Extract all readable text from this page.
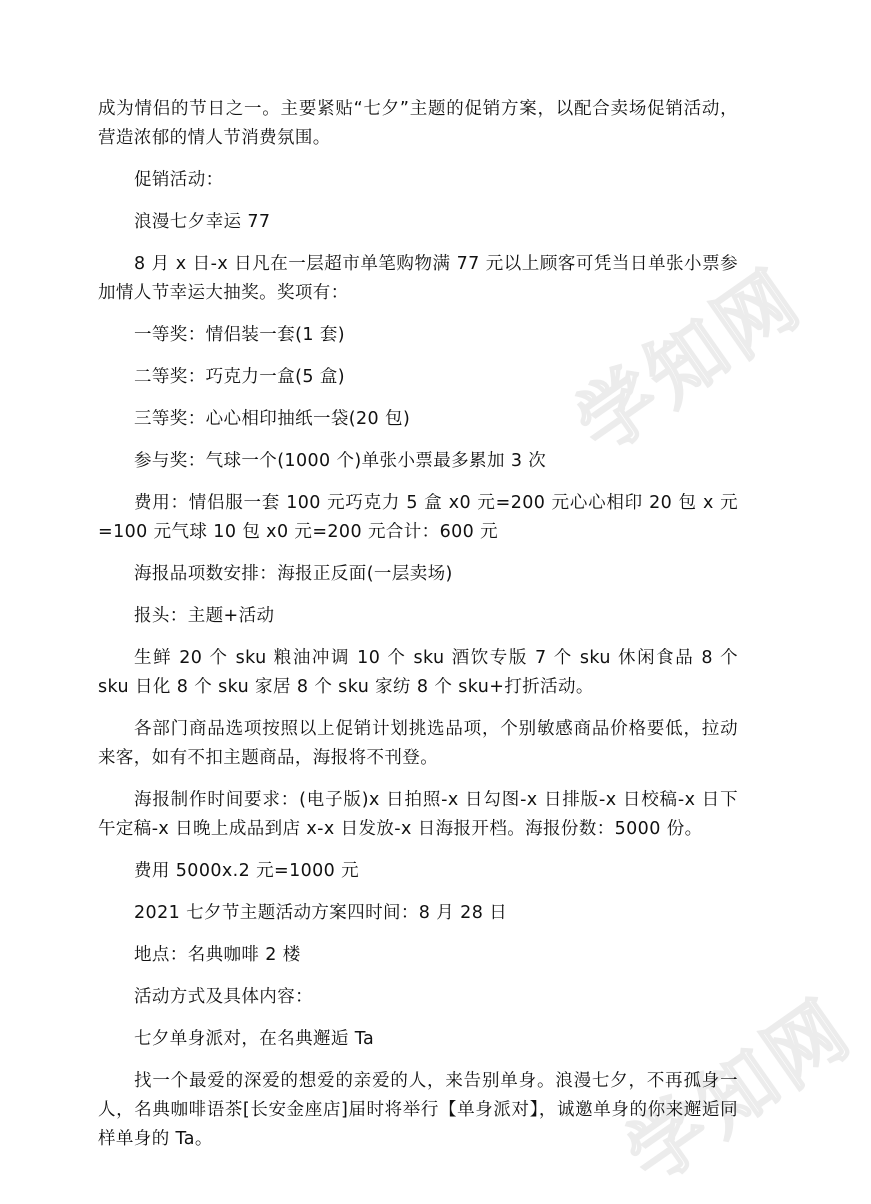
学知网
学知网

成为情侣的节日之一。主要紧贴“七夕”主题的促销方案，以配合卖场促销活动，营造浓郁的情人节消费氛围。

促销活动：

浪漫七夕幸运 77

8 月 x 日-x 日凡在一层超市单笔购物满 77 元以上顾客可凭当日单张小票参加情人节幸运大抽奖。奖项有：

一等奖：情侣装一套(1 套)

二等奖：巧克力一盒(5 盒)

三等奖：心心相印抽纸一袋(20 包)

参与奖：气球一个(1000 个)单张小票最多累加 3 次

费用：情侣服一套 100 元巧克力 5 盒 x0 元=200 元心心相印 20 包 x 元=100 元气球 10 包 x0 元=200 元合计：600 元

海报品项数安排：海报正反面(一层卖场)

报头：主题+活动

生鲜 20 个 sku 粮油冲调 10 个 sku 酒饮专版 7 个 sku 休闲食品 8 个 sku 日化 8 个 sku 家居 8 个 sku 家纺 8 个 sku+打折活动。

各部门商品选项按照以上促销计划挑选品项，个别敏感商品价格要低，拉动来客，如有不扣主题商品，海报将不刊登。

海报制作时间要求：(电子版)x 日拍照-x 日勾图-x 日排版-x 日校稿-x 日下午定稿-x 日晚上成品到店 x-x 日发放-x 日海报开档。海报份数：5000 份。

费用 5000x.2 元=1000 元

2021 七夕节主题活动方案四时间：8 月 28 日

地点：名典咖啡 2 楼

活动方式及具体内容：

七夕单身派对，在名典邂逅 Ta

找一个最爱的深爱的想爱的亲爱的人，来告别单身。浪漫七夕，不再孤身一人，名典咖啡语茶[长安金座店]届时将举行【单身派对】，诚邀单身的你来邂逅同样单身的 Ta。
